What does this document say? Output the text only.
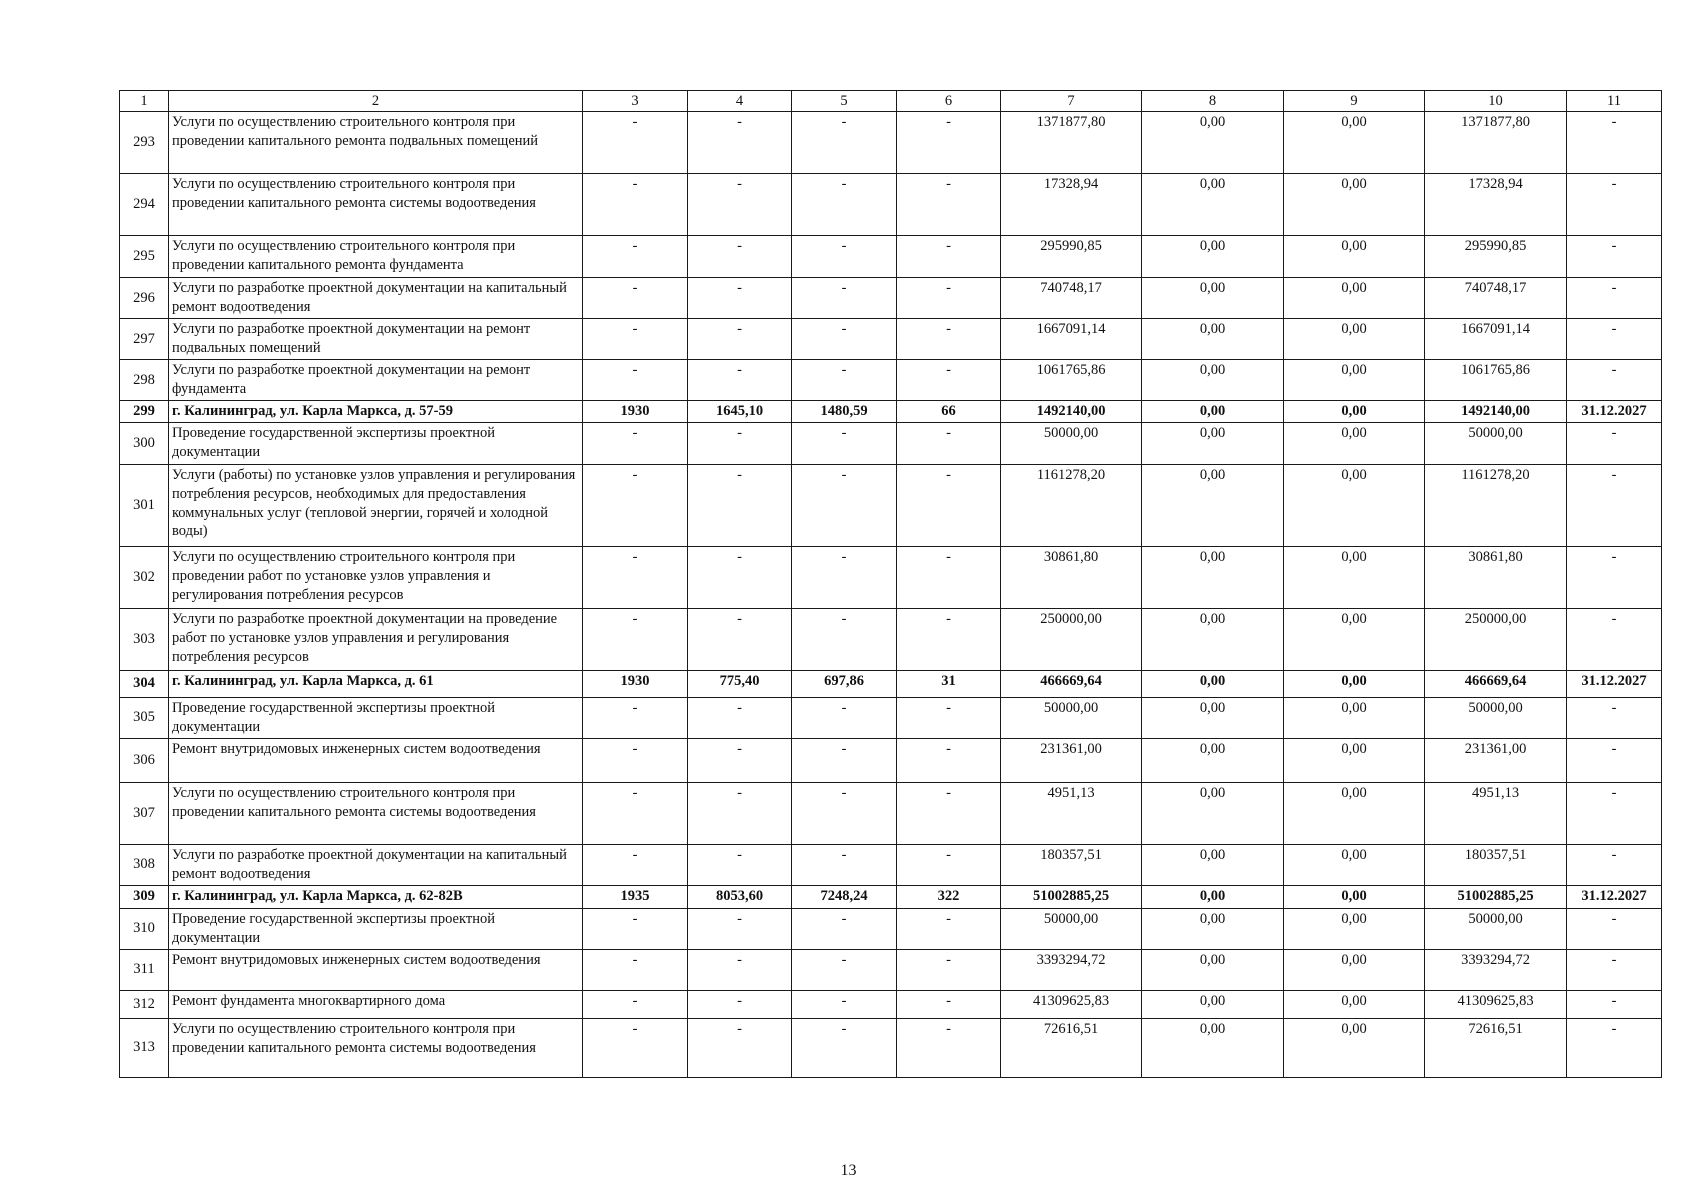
1	2	3	4	5	6	7	8	9	10	11
293	Услуги по осуществлению строительного контроля при проведении капитального ремонта подвальных помещений	-	-	-	-	1371877,80	0,00	0,00	1371877,80	-
294	Услуги по осуществлению строительного контроля при проведении капитального ремонта системы водоотведения	-	-	-	-	17328,94	0,00	0,00	17328,94	-
295	Услуги по осуществлению строительного контроля при проведении капитального ремонта фундамента	-	-	-	-	295990,85	0,00	0,00	295990,85	-
296	Услуги по разработке проектной документации на капитальный ремонт водоотведения	-	-	-	-	740748,17	0,00	0,00	740748,17	-
297	Услуги по разработке проектной документации на ремонт подвальных помещений	-	-	-	-	1667091,14	0,00	0,00	1667091,14	-
298	Услуги по разработке проектной документации на ремонт фундамента	-	-	-	-	1061765,86	0,00	0,00	1061765,86	-
299	г. Калининград, ул. Карла Маркса, д. 57-59	1930	1645,10	1480,59	66	1492140,00	0,00	0,00	1492140,00	31.12.2027
300	Проведение государственной экспертизы проектной документации	-	-	-	-	50000,00	0,00	0,00	50000,00	-
301	Услуги (работы) по установке узлов управления и регулирования потребления ресурсов, необходимых для предоставления коммунальных услуг (тепловой энергии, горячей и холодной воды)	-	-	-	-	1161278,20	0,00	0,00	1161278,20	-
302	Услуги по осуществлению строительного контроля при проведении работ по установке узлов управления и регулирования потребления ресурсов	-	-	-	-	30861,80	0,00	0,00	30861,80	-
303	Услуги по разработке проектной документации на проведение работ по установке узлов управления и регулирования потребления ресурсов	-	-	-	-	250000,00	0,00	0,00	250000,00	-
304	г. Калининград, ул. Карла Маркса, д. 61	1930	775,40	697,86	31	466669,64	0,00	0,00	466669,64	31.12.2027
305	Проведение государственной экспертизы проектной документации	-	-	-	-	50000,00	0,00	0,00	50000,00	-
306	Ремонт внутридомовых инженерных систем водоотведения	-	-	-	-	231361,00	0,00	0,00	231361,00	-
307	Услуги по осуществлению строительного контроля при проведении капитального ремонта системы водоотведения	-	-	-	-	4951,13	0,00	0,00	4951,13	-
308	Услуги по разработке проектной документации на капитальный ремонт водоотведения	-	-	-	-	180357,51	0,00	0,00	180357,51	-
309	г. Калининград, ул. Карла Маркса, д. 62-82В	1935	8053,60	7248,24	322	51002885,25	0,00	0,00	51002885,25	31.12.2027
310	Проведение государственной экспертизы проектной документации	-	-	-	-	50000,00	0,00	0,00	50000,00	-
311	Ремонт внутридомовых инженерных систем водоотведения	-	-	-	-	3393294,72	0,00	0,00	3393294,72	-
312	Ремонт фундамента многоквартирного дома	-	-	-	-	41309625,83	0,00	0,00	41309625,83	-
313	Услуги по осуществлению строительного контроля при проведении капитального ремонта системы водоотведения	-	-	-	-	72616,51	0,00	0,00	72616,51	-
13
